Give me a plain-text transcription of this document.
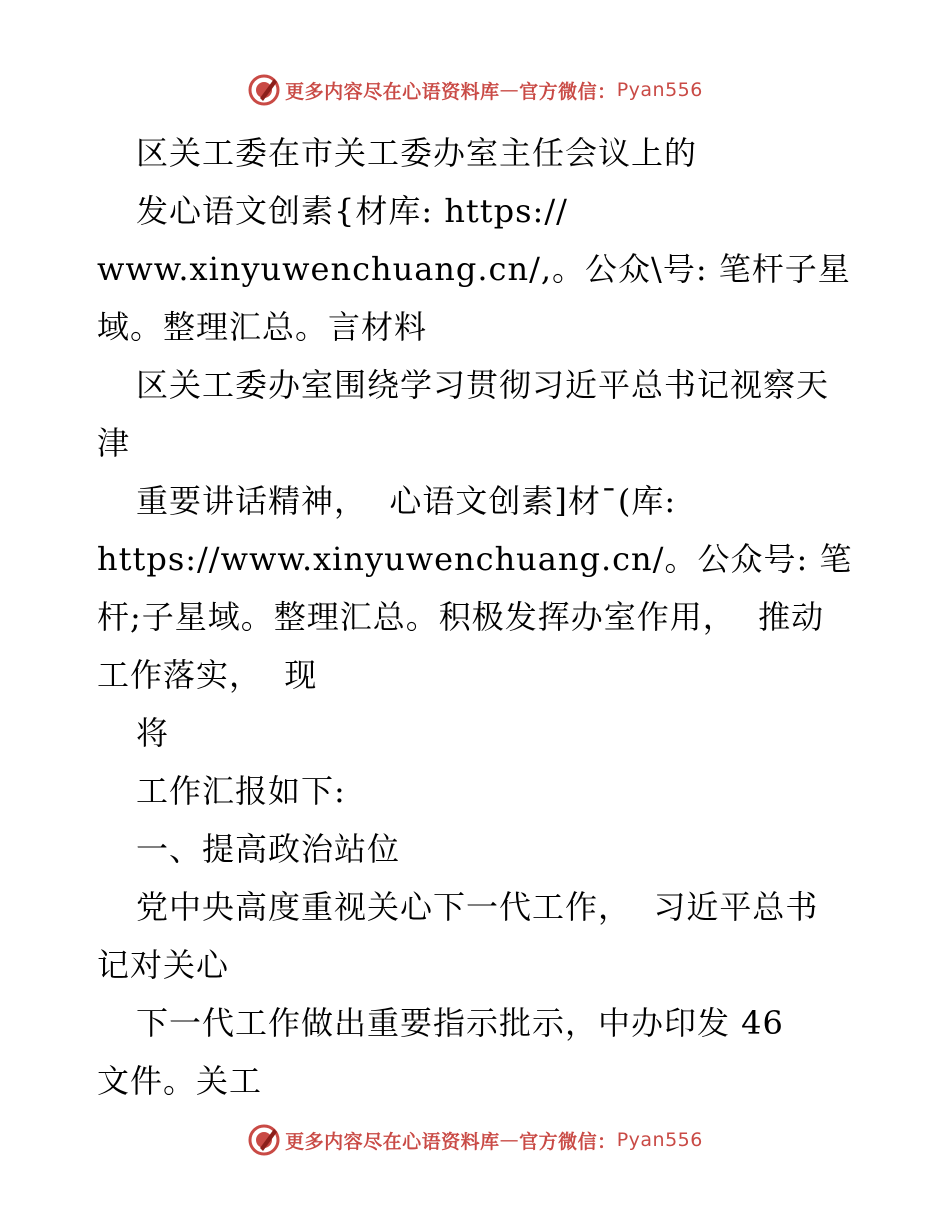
更多内容尽在心语资料库 — 官方微信： Pyan556
区关工委在市关工委办室主任会议上的
发心语文创素{材库: https://
www.xinyuwenchuang.cn/,。公众\号: 笔杆子星
域。整理汇总。言材料
区关工委办室围绕学习贯彻习近平总书记视察天
津
重要讲话精神，  心语文创素]材¯(库:
https://www.xinyuwenchuang.cn/。公众号: 笔
杆;子星域。整理汇总。积极发挥办室作用，  推动
工作落实，  现
将
工作汇报如下:
一、提高政治站位
党中央高度重视关心下一代工作，  习近平总书
记对关心
下一代工作做出重要指示批示，中办印发 46
文件。关工
更多内容尽在心语资料库 — 官方微信： Pyan556
